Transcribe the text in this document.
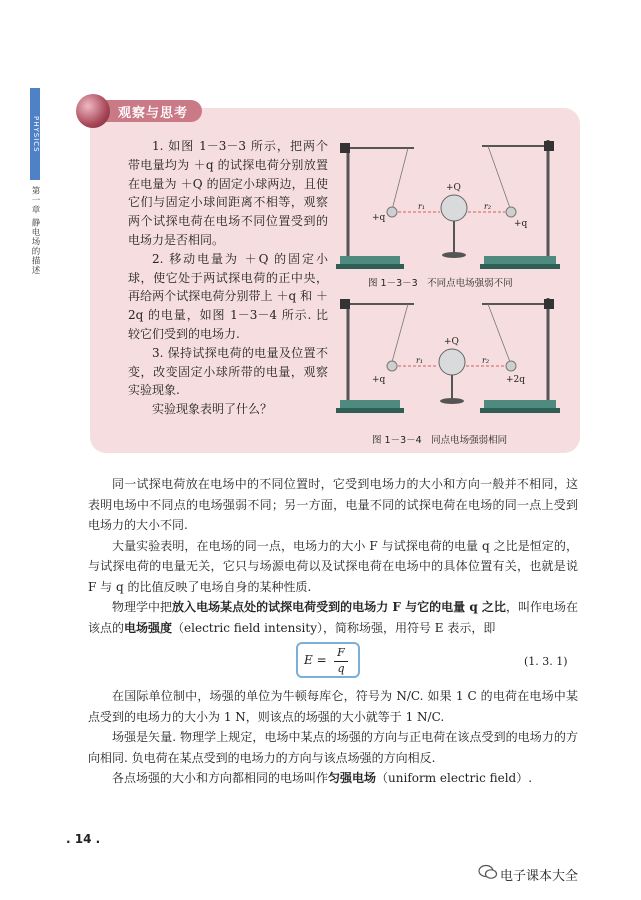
PHYSICS
第一章 静电场的描述
观察与思考

1. 如图 1－3－3 所示，把两个带电量均为 ＋q 的试探电荷分别放置在电量为 ＋Q 的固定小球两边，且使它们与固定小球间距离不相等，观察两个试探电荷在电场不同位置受到的电场力是否相同。

2. 移动电量为 ＋Q 的固定小球，使它处于两试探电荷的正中央，再给两个试探电荷分别带上 ＋q 和 ＋2q 的电量，如图 1－3－4 所示. 比较它们受到的电场力.

3. 保持试探电荷的电量及位置不变，改变固定小球所带的电量，观察实验现象.

实验现象表明了什么？

+Q
+q
+q
r₁	r₂
图 1－3－3　不同点电场强弱不同
+Q
+q	+2q
r₁	r₂
图 1－3－4　同点电场强弱相同

同一试探电荷放在电场中的不同位置时，它受到电场力的大小和方向一般并不相同，这表明电场中不同点的电场强弱不同；另一方面，电量不同的试探电荷在电场的同一点上受到电场力的大小不同.

大量实验表明，在电场的同一点，电场力的大小 F 与试探电荷的电量 q 之比是恒定的，与试探电荷的电量无关，它只与场源电荷以及试探电荷在电场中的具体位置有关，也就是说 F 与 q 的比值反映了电场自身的某种性质.

物理学中把放入电场某点处的试探电荷受到的电场力 F 与它的电量 q 之比，叫作电场在该点的电场强度（electric field intensity），简称场强，用符号 E 表示，即

E =
F
q
(1. 3. 1)

在国际单位制中，场强的单位为牛顿每库仑，符号为 N/C. 如果 1 C 的电荷在电场中某点受到的电场力的大小为 1 N，则该点的场强的大小就等于 1 N/C.

场强是矢量. 物理学上规定，电场中某点的场强的方向与正电荷在该点受到的电场力的方向相同. 负电荷在某点受到的电场力的方向与该点场强的方向相反.

各点场强的大小和方向都相同的电场叫作匀强电场（uniform electric field）.

. 14 .
电子课本大全
